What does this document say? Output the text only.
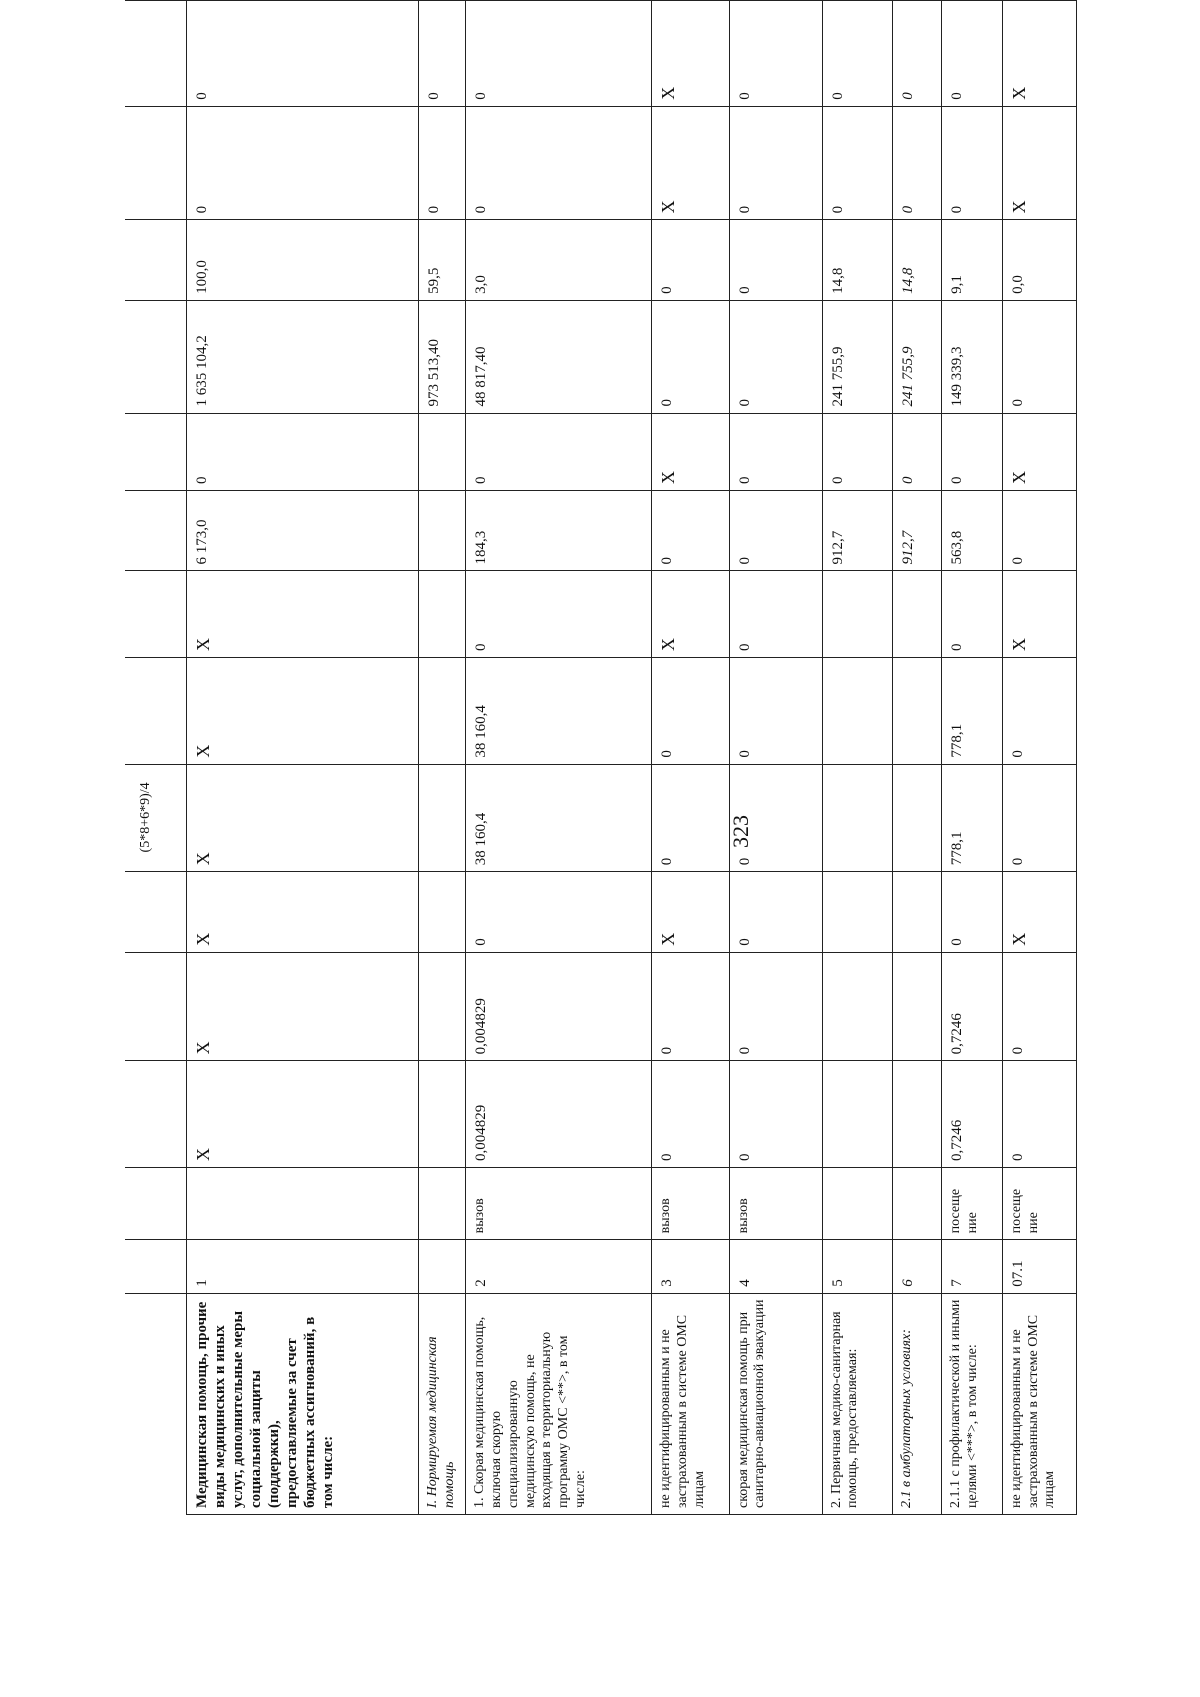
						(5*8+6*9)/4								

Медицинская помощь, прочие виды медицинских и иных услуг, дополнительные меры социальной защиты (поддержки), предоставляемые за счет бюджетных ассигнований, в том числе:	1		X	X	X	X	X	X	6 173,0	0	1 635 104,2	100,0	0	0
I. Нормируемая медицинская помощь											973 513,40	59,5	0	0
1. Скорая медицинская помощь, включая скорую специализированную медицинскую помощь, не входящая в территориальную программу ОМС <**>, в том числе:	2	вызов	0,004829	0,004829	0	38 160,4	38 160,4	0	184,3	0	48 817,40	3,0	0	0
не идентифицированным и не застрахованным в системе ОМС лицам	3	вызов	0	0	X	0	0	X	0	X	0	0	X	X
скорая медицинская помощь при санитарно-авиационной эвакуации	4	вызов	0	0	0	0	0	0	0	0	0	0	0	0
2. Первичная медико-санитарная помощь, предоставляемая:	5								912,7	0	241 755,9	14,8	0	0
2.1 в амбулаторных условиях:	6								912,7	0	241 755,9	14,8	0	0
2.1.1 с профилактической и иными целями <***>, в том числе:	7	посеще ние	0,7246	0,7246	0	778,1	778,1	0	563,8	0	149 339,3	9,1	0	0
не идентифицированным и не застрахованным в системе ОМС лицам	07.1	посеще ние	0	0	X	0	0	X	0	X	0	0,0	X	X
323
